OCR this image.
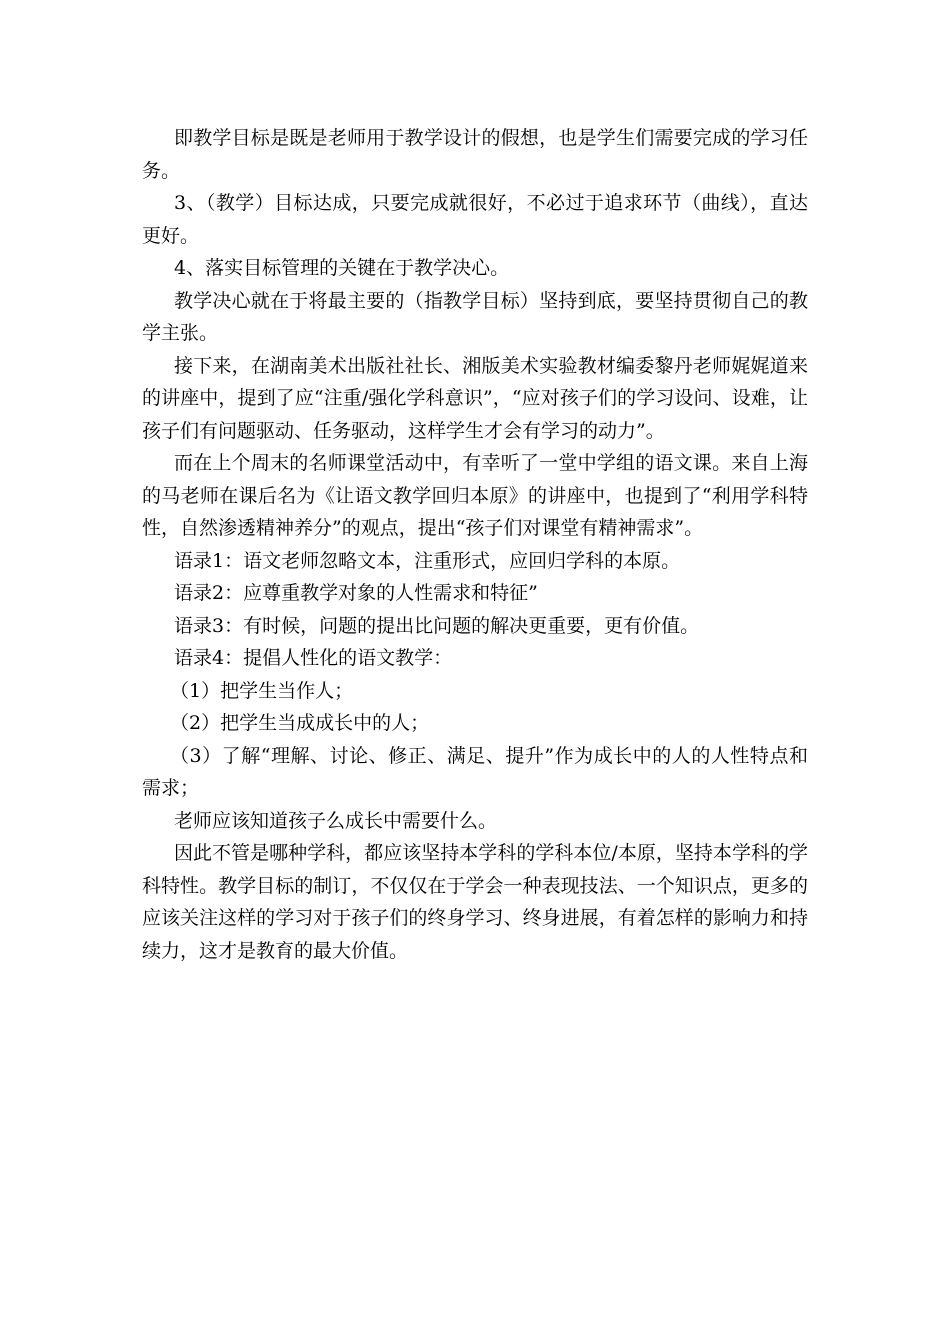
即教学目标是既是老师用于教学设计的假想，也是学生们需要完成的学习任务。

3、（教学）目标达成，只要完成就很好，不必过于追求环节（曲线），直达更好。

4、落实目标管理的关键在于教学决心。

教学决心就在于将最主要的（指教学目标）坚持到底，要坚持贯彻自己的教学主张。

接下来，在湖南美术出版社社长、湘版美术实验教材编委黎丹老师娓娓道来的讲座中，提到了应“注重/强化学科意识”，“应对孩子们的学习设问、设难，让孩子们有问题驱动、任务驱动，这样学生才会有学习的动力”。

而在上个周末的名师课堂活动中，有幸听了一堂中学组的语文课。来自上海的马老师在课后名为《让语文教学回归本原》的讲座中，也提到了“利用学科特性，自然渗透精神养分”的观点，提出“孩子们对课堂有精神需求”。

语录1：语文老师忽略文本，注重形式，应回归学科的本原。

语录2：应尊重教学对象的人性需求和特征”

语录3：有时候，问题的提出比问题的解决更重要，更有价值。

语录4：提倡人性化的语文教学：

（1）把学生当作人；

（2）把学生当成成长中的人；

（3）了解“理解、讨论、修正、满足、提升”作为成长中的人的人性特点和需求；

老师应该知道孩子么成长中需要什么。

因此不管是哪种学科，都应该坚持本学科的学科本位/本原，坚持本学科的学科特性。教学目标的制订，不仅仅在于学会一种表现技法、一个知识点，更多的应该关注这样的学习对于孩子们的终身学习、终身进展，有着怎样的影响力和持续力，这才是教育的最大价值。
